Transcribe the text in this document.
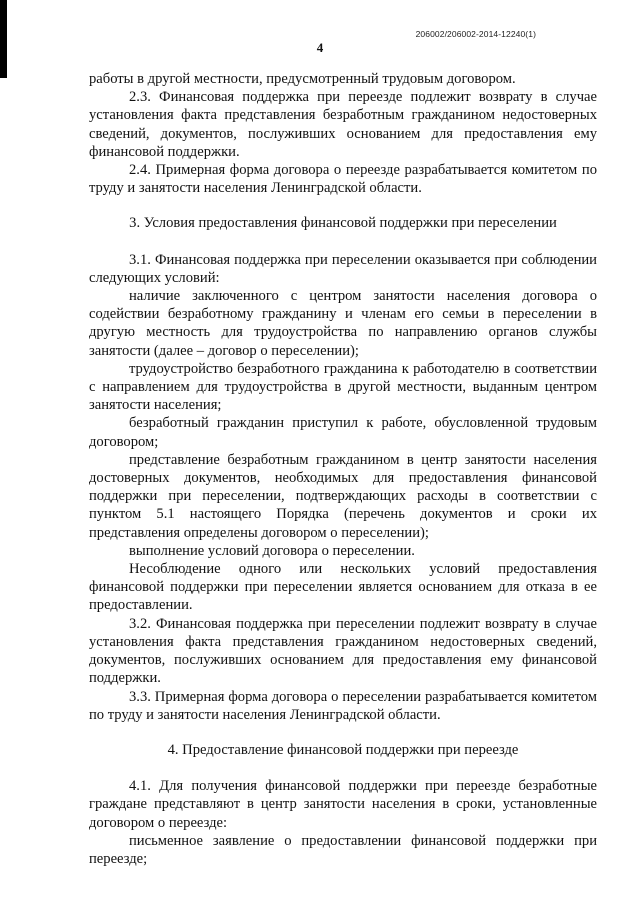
206002/206002-2014-12240(1)
4

работы в другой местности, предусмотренный трудовым договором.

2.3. Финансовая поддержка при переезде подлежит возврату в случае установления факта представления безработным гражданином недостоверных сведений, документов, послуживших основанием для предоставления ему финансовой поддержки.

2.4. Примерная форма договора о переезде разрабатывается комитетом по труду и занятости населения Ленинградской области.

3. Условия предоставления финансовой поддержки при переселении

3.1. Финансовая поддержка при переселении оказывается при соблюдении следующих условий:

наличие заключенного с центром занятости населения договора о содействии безработному гражданину и членам его семьи в переселении в другую местность для трудоустройства по направлению органов службы занятости (далее – договор о переселении);

трудоустройство безработного гражданина к работодателю в соответствии с направлением для трудоустройства в другой местности, выданным центром занятости населения;

безработный гражданин приступил к работе, обусловленной трудовым договором;

представление безработным гражданином в центр занятости населения достоверных документов, необходимых для предоставления финансовой поддержки при переселении, подтверждающих расходы в соответствии с пунктом 5.1 настоящего Порядка (перечень документов и сроки их представления определены договором о переселении);

выполнение условий договора о переселении.

Несоблюдение одного или нескольких условий предоставления финансовой поддержки при переселении является основанием для отказа в ее предоставлении.

3.2. Финансовая поддержка при переселении подлежит возврату в случае установления факта представления гражданином недостоверных сведений, документов, послуживших основанием для предоставления ему финансовой поддержки.

3.3. Примерная форма договора о переселении разрабатывается комитетом по труду и занятости населения Ленинградской области.

4. Предоставление финансовой поддержки при переезде

4.1. Для получения финансовой поддержки при переезде безработные граждане представляют в центр занятости населения в сроки, установленные договором о переезде:

письменное заявление о предоставлении финансовой поддержки при переезде;
